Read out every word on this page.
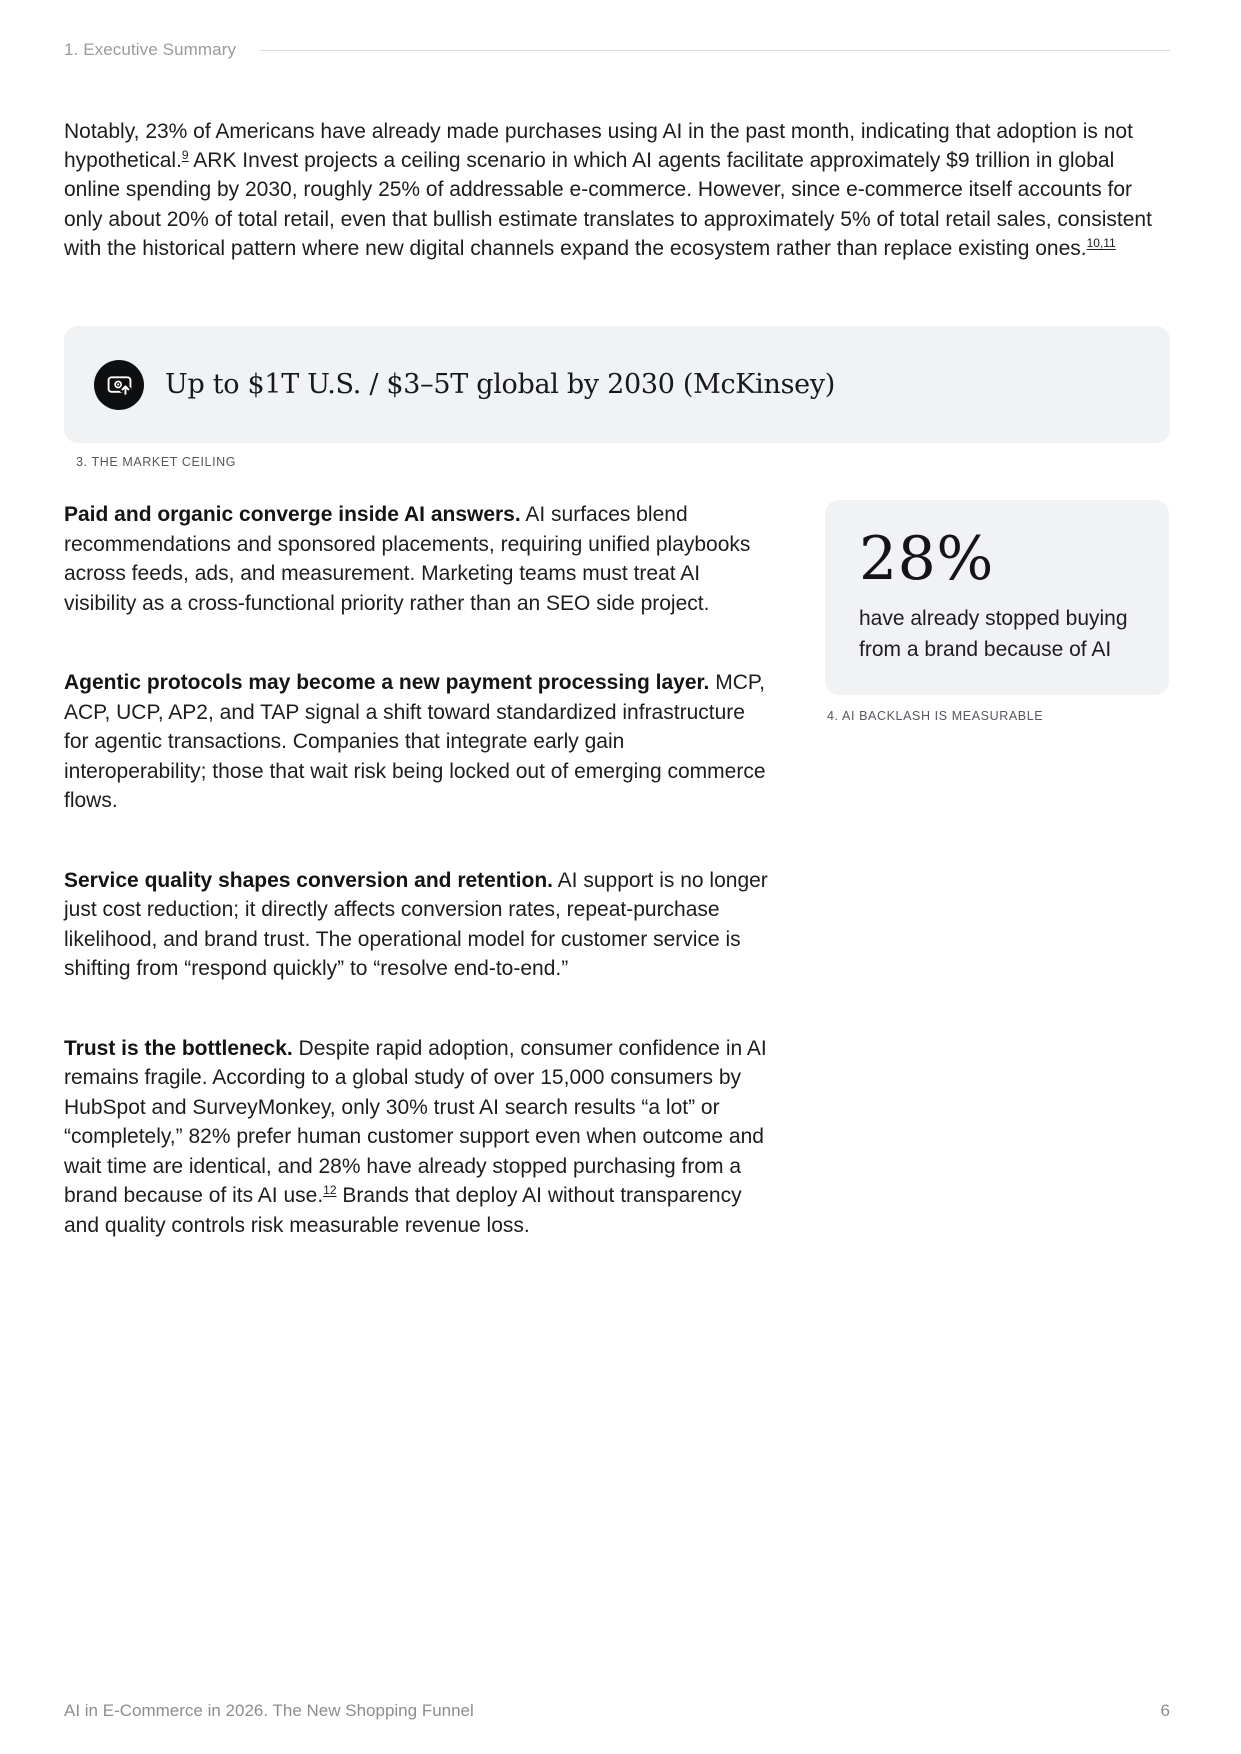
1. Executive Summary

Notably, 23% of Americans have already made purchases using AI in the past month, indicating that adoption is not hypothetical.$^9$ ARK Invest projects a ceiling scenario in which AI agents facilitate approximately $9 trillion in global online spending by 2030, roughly 25% of addressable e-commerce. However, since e-commerce itself accounts for only about 20% of total retail, even that bullish estimate translates to approximately 5% of total retail sales, consistent with the historical pattern where new digital channels expand the ecosystem rather than replace existing ones.$^{10,11}$

Up to $1T U.S. / $3–5T global by 2030 (McKinsey)
3. THE MARKET CEILING

Paid and organic converge inside AI answers. AI surfaces blend recommendations and sponsored placements, requiring unified playbooks across feeds, ads, and measurement. Marketing teams must treat AI visibility as a cross-functional priority rather than an SEO side project.

Agentic protocols may become a new payment processing layer. MCP, ACP, UCP, AP2, and TAP signal a shift toward standardized infrastructure for agentic transactions. Companies that integrate early gain interoperability; those that wait risk being locked out of emerging commerce flows.

Service quality shapes conversion and retention. AI support is no longer just cost reduction; it directly affects conversion rates, repeat-purchase likelihood, and brand trust. The operational model for customer service is shifting from “respond quickly” to “resolve end-to-end.”

Trust is the bottleneck. Despite rapid adoption, consumer confidence in AI remains fragile. According to a global study of over 15,000 consumers by HubSpot and SurveyMonkey, only 30% trust AI search results “a lot” or “completely,” 82% prefer human customer support even when outcome and wait time are identical, and 28% have already stopped purchasing from a brand because of its AI use.$^{12}$ Brands that deploy AI without transparency and quality controls risk measurable revenue loss.

28%
have already stopped buying from a brand because of AI
4. AI BACKLASH IS MEASURABLE
AI in E-Commerce in 2026. The New Shopping Funnel	6
